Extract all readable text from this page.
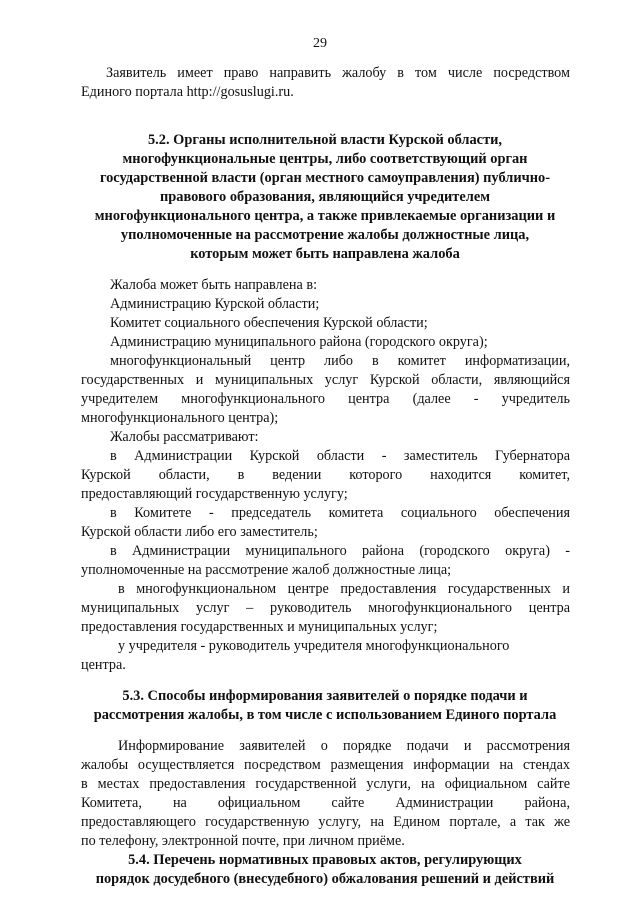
29
Заявитель имеет право направить жалобу в том числе посредством
Единого портала http://gosuslugi.ru.
5.2. Органы исполнительной власти Курской области,
многофункциональные центры, либо соответствующий орган
государственной власти (орган местного самоуправления) публично-
правового образования, являющийся учредителем
многофункционального центра, а также привлекаемые организации и
уполномоченные на рассмотрение жалобы должностные лица,
которым может быть направлена жалоба
Жалоба может быть направлена в:
Администрацию Курской области;
Комитет социального обеспечения Курской области;
Администрацию муниципального района (городского округа);
многофункциональный центр либо в комитет информатизации,
государственных и муниципальных услуг Курской области, являющийся
учредителем многофункционального центра (далее - учредитель
многофункционального центра);
Жалобы рассматривают:
в Администрации Курской области - заместитель Губернатора
Курской области, в ведении которого находится комитет,
предоставляющий государственную услугу;
в Комитете - председатель комитета социального обеспечения
Курской области либо его заместитель;
в Администрации муниципального района (городского округа) -
уполномоченные на рассмотрение жалоб должностные лица;
в многофункциональном центре предоставления государственных и
муниципальных услуг – руководитель многофункционального центра
предоставления государственных и муниципальных услуг;
у учредителя - руководитель учредителя многофункционального
центра.
5.3. Способы информирования заявителей о порядке подачи и
рассмотрения жалобы, в том числе с использованием Единого портала
Информирование заявителей о порядке подачи и рассмотрения
жалобы осуществляется посредством размещения информации на стендах
в местах предоставления государственной услуги, на официальном сайте
Комитета, на официальном сайте Администрации района,
предоставляющего государственную услугу, на Едином портале, а так же
по телефону, электронной почте, при личном приёме.
5.4. Перечень нормативных правовых актов, регулирующих
порядок досудебного (внесудебного) обжалования решений и действий
